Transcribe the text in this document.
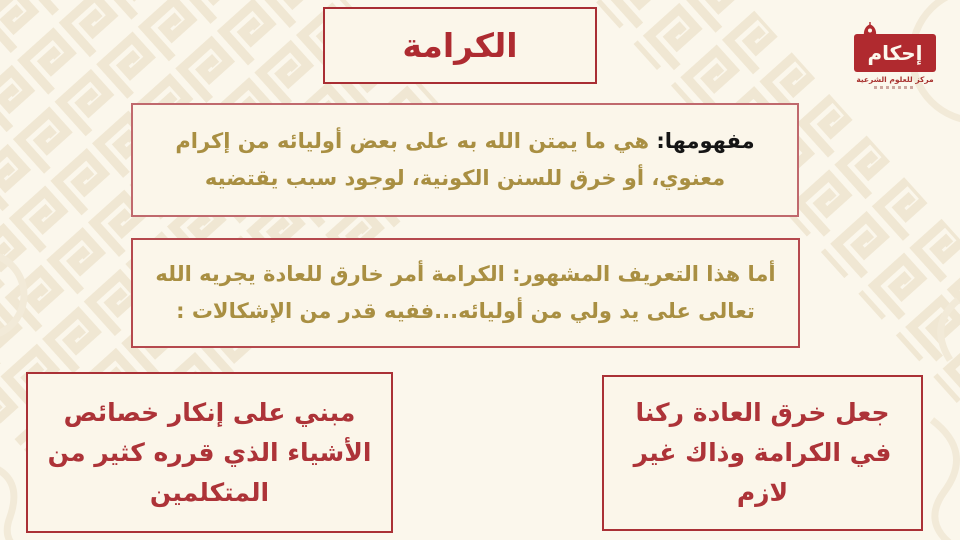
الكرامة	إحكام
مركز للعلوم الشرعية

مفهومها: هي ما يمتن الله به على بعض أوليائه من إكرام معنوي، أو خرق للسنن الكونية، لوجود سبب يقتضيه

أما هذا التعريف المشهور: الكرامة أمر خارق للعادة يجريه الله تعالى على يد ولي من أوليائه...ففيه قدر من الإشكالات :

مبني على إنكار خصائص الأشياء الذي قرره كثير من المتكلمين

جعل خرق العادة ركنا في الكرامة وذاك غير لازم
